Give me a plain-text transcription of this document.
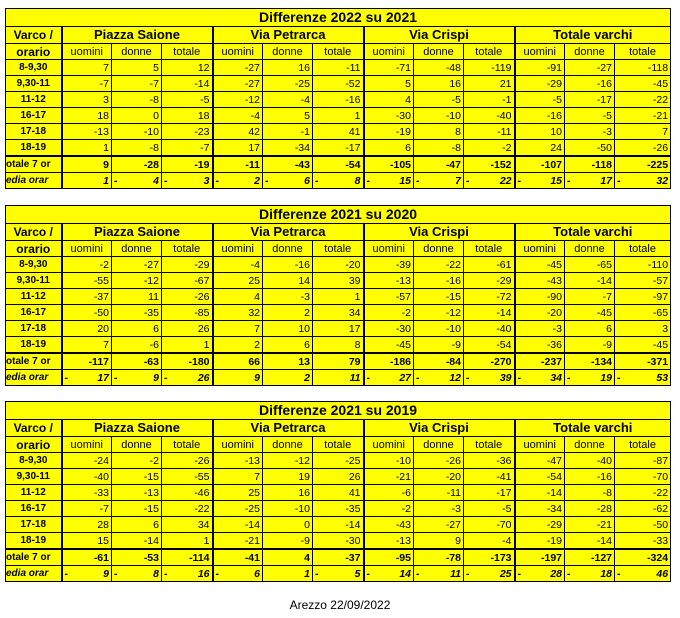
Differenze 2022 su 2021												
Varco /	Piazza Saione			Via Petrarca			Via Crispi			Totale varchi		
orario	uomini	donne	totale	uomini	donne	totale	uomini	donne	totale	uomini	donne	totale
8-9,30	7	5	12	-27	16	-11	-71	-48	-119	-91	-27	-118
9,30-11	-7	-7	-14	-27	-25	-52	5	16	21	-29	-16	-45
11-12	3	-8	-5	-12	-4	-16	4	-5	-1	-5	-17	-22
16-17	18	0	18	-4	5	1	-30	-10	-40	-16	-5	-21
17-18	-13	-10	-23	42	-1	41	-19	8	-11	10	-3	7
18-19	1	-8	-7	17	-34	-17	6	-8	-2	24	-50	-26
otale 7 or	9	-28	-19	-11	-43	-54	-105	-47	-152	-107	-118	-225
edia orar	1	- 4	- 3	- 2	- 6	- 8	- 15	- 7	- 22	- 15	- 17	- 32
Differenze 2021 su 2020												
Varco /	Piazza Saione			Via Petrarca			Via Crispi			Totale varchi		
orario	uomini	donne	totale	uomini	donne	totale	uomini	donne	totale	uomini	donne	totale
8-9,30	-2	-27	-29	-4	-16	-20	-39	-22	-61	-45	-65	-110
9,30-11	-55	-12	-67	25	14	39	-13	-16	-29	-43	-14	-57
11-12	-37	11	-26	4	-3	1	-57	-15	-72	-90	-7	-97
16-17	-50	-35	-85	32	2	34	-2	-12	-14	-20	-45	-65
17-18	20	6	26	7	10	17	-30	-10	-40	-3	6	3
18-19	7	-6	1	2	6	8	-45	-9	-54	-36	-9	-45
otale 7 or	-117	-63	-180	66	13	79	-186	-84	-270	-237	-134	-371
edia orar	- 17	- 9	- 26	9	2	11	- 27	- 12	- 39	- 34	- 19	- 53
Differenze 2021 su 2019												
Varco /	Piazza Saione			Via Petrarca			Via Crispi			Totale varchi		
orario	uomini	donne	totale	uomini	donne	totale	uomini	donne	totale	uomini	donne	totale
8-9,30	-24	-2	-26	-13	-12	-25	-10	-26	-36	-47	-40	-87
9,30-11	-40	-15	-55	7	19	26	-21	-20	-41	-54	-16	-70
11-12	-33	-13	-46	25	16	41	-6	-11	-17	-14	-8	-22
16-17	-7	-15	-22	-25	-10	-35	-2	-3	-5	-34	-28	-62
17-18	28	6	34	-14	0	-14	-43	-27	-70	-29	-21	-50
18-19	15	-14	1	-21	-9	-30	-13	9	-4	-19	-14	-33
otale 7 or	-61	-53	-114	-41	4	-37	-95	-78	-173	-197	-127	-324
edia orar	- 9	- 8	- 16	- 6	1	- 5	- 14	- 11	- 25	- 28	- 18	- 46
Arezzo 22/09/2022
